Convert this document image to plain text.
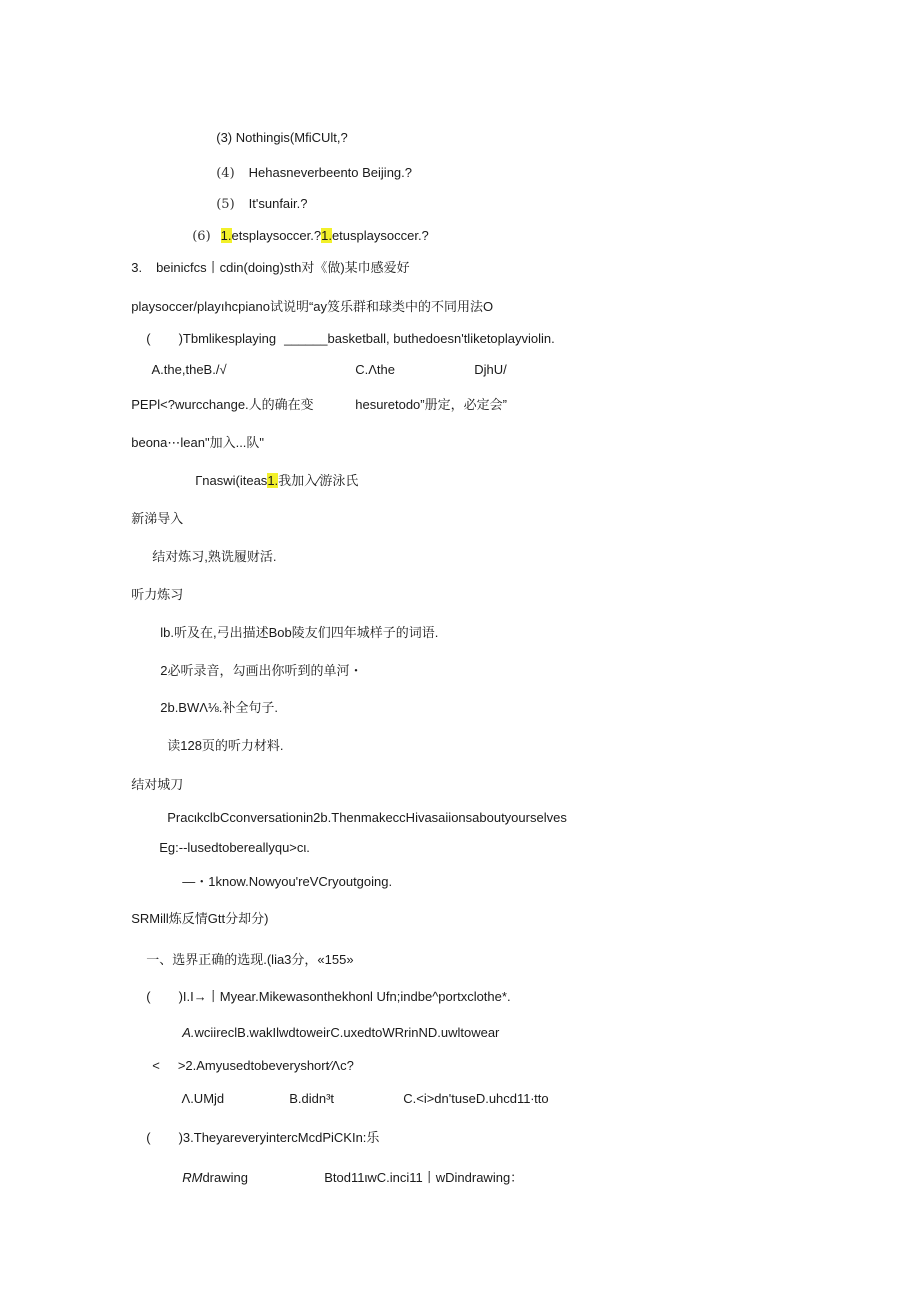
(3) Nothingis(MfiCUlt,?

(4) Hehasneverbeento Beijing.?

(5) It'sunfair.?

(6) 1.etsplaysoccer.?1.etusplaysoccer.?

3. beinicfcs丨cdin(doing)sth对《做)某巾感爱好

playsoccer/playıhcpiano试说明“ay笈乐群和球类中的不同用法O

( )Tbmlikesplaying ______basketball, buthedoesn'tliketoplayviolin.

A.the,theB./√	C.Λthe	DjhU/

PEPl<?wurcchange.人的确在变	hesuretodo”册定，必定会”

beona⋯lean"加入...队"

Гnaswi(iteas1.我加入∕游泳氏

新涕导入

结对炼习,熟诜履财活.

听力炼习

lb.听及在,弓出描述Bob陵友们四年城样子的词语.

2必听录音，勾画出你听到的单河・

2b.BWΛ⅛.补全句子.

读128页的听力材料.

结对城刀

PracιkclbCconversationin2b.ThenmakeccHivasaiionsaboutyourselves

Eg:--lusedtobereallyqu>cι.

—・1know.Nowyou'reVCryoutgoing.

SRMill炼反情Gtt分却分)

一、选界正确的选现.(lia3分，«155»

( )I.I→丨Myear.Mikewasonthekhonl Ufn;indbe^portxclothe*.

A.wciireclB.wakIlwdtoweirC.uxedtoWRrinND.uwltowear

< >2.Amyusedtobeveryshort∕Λc?

Λ.UMjd	B.didn³t	C.<i>dn'tuseD.uhcd11∙tto

( )3.TheyareveryintercMcdPiCKIn:乐

RMdrawing	Btod11ιwC.inci11丨wDindrawing：
